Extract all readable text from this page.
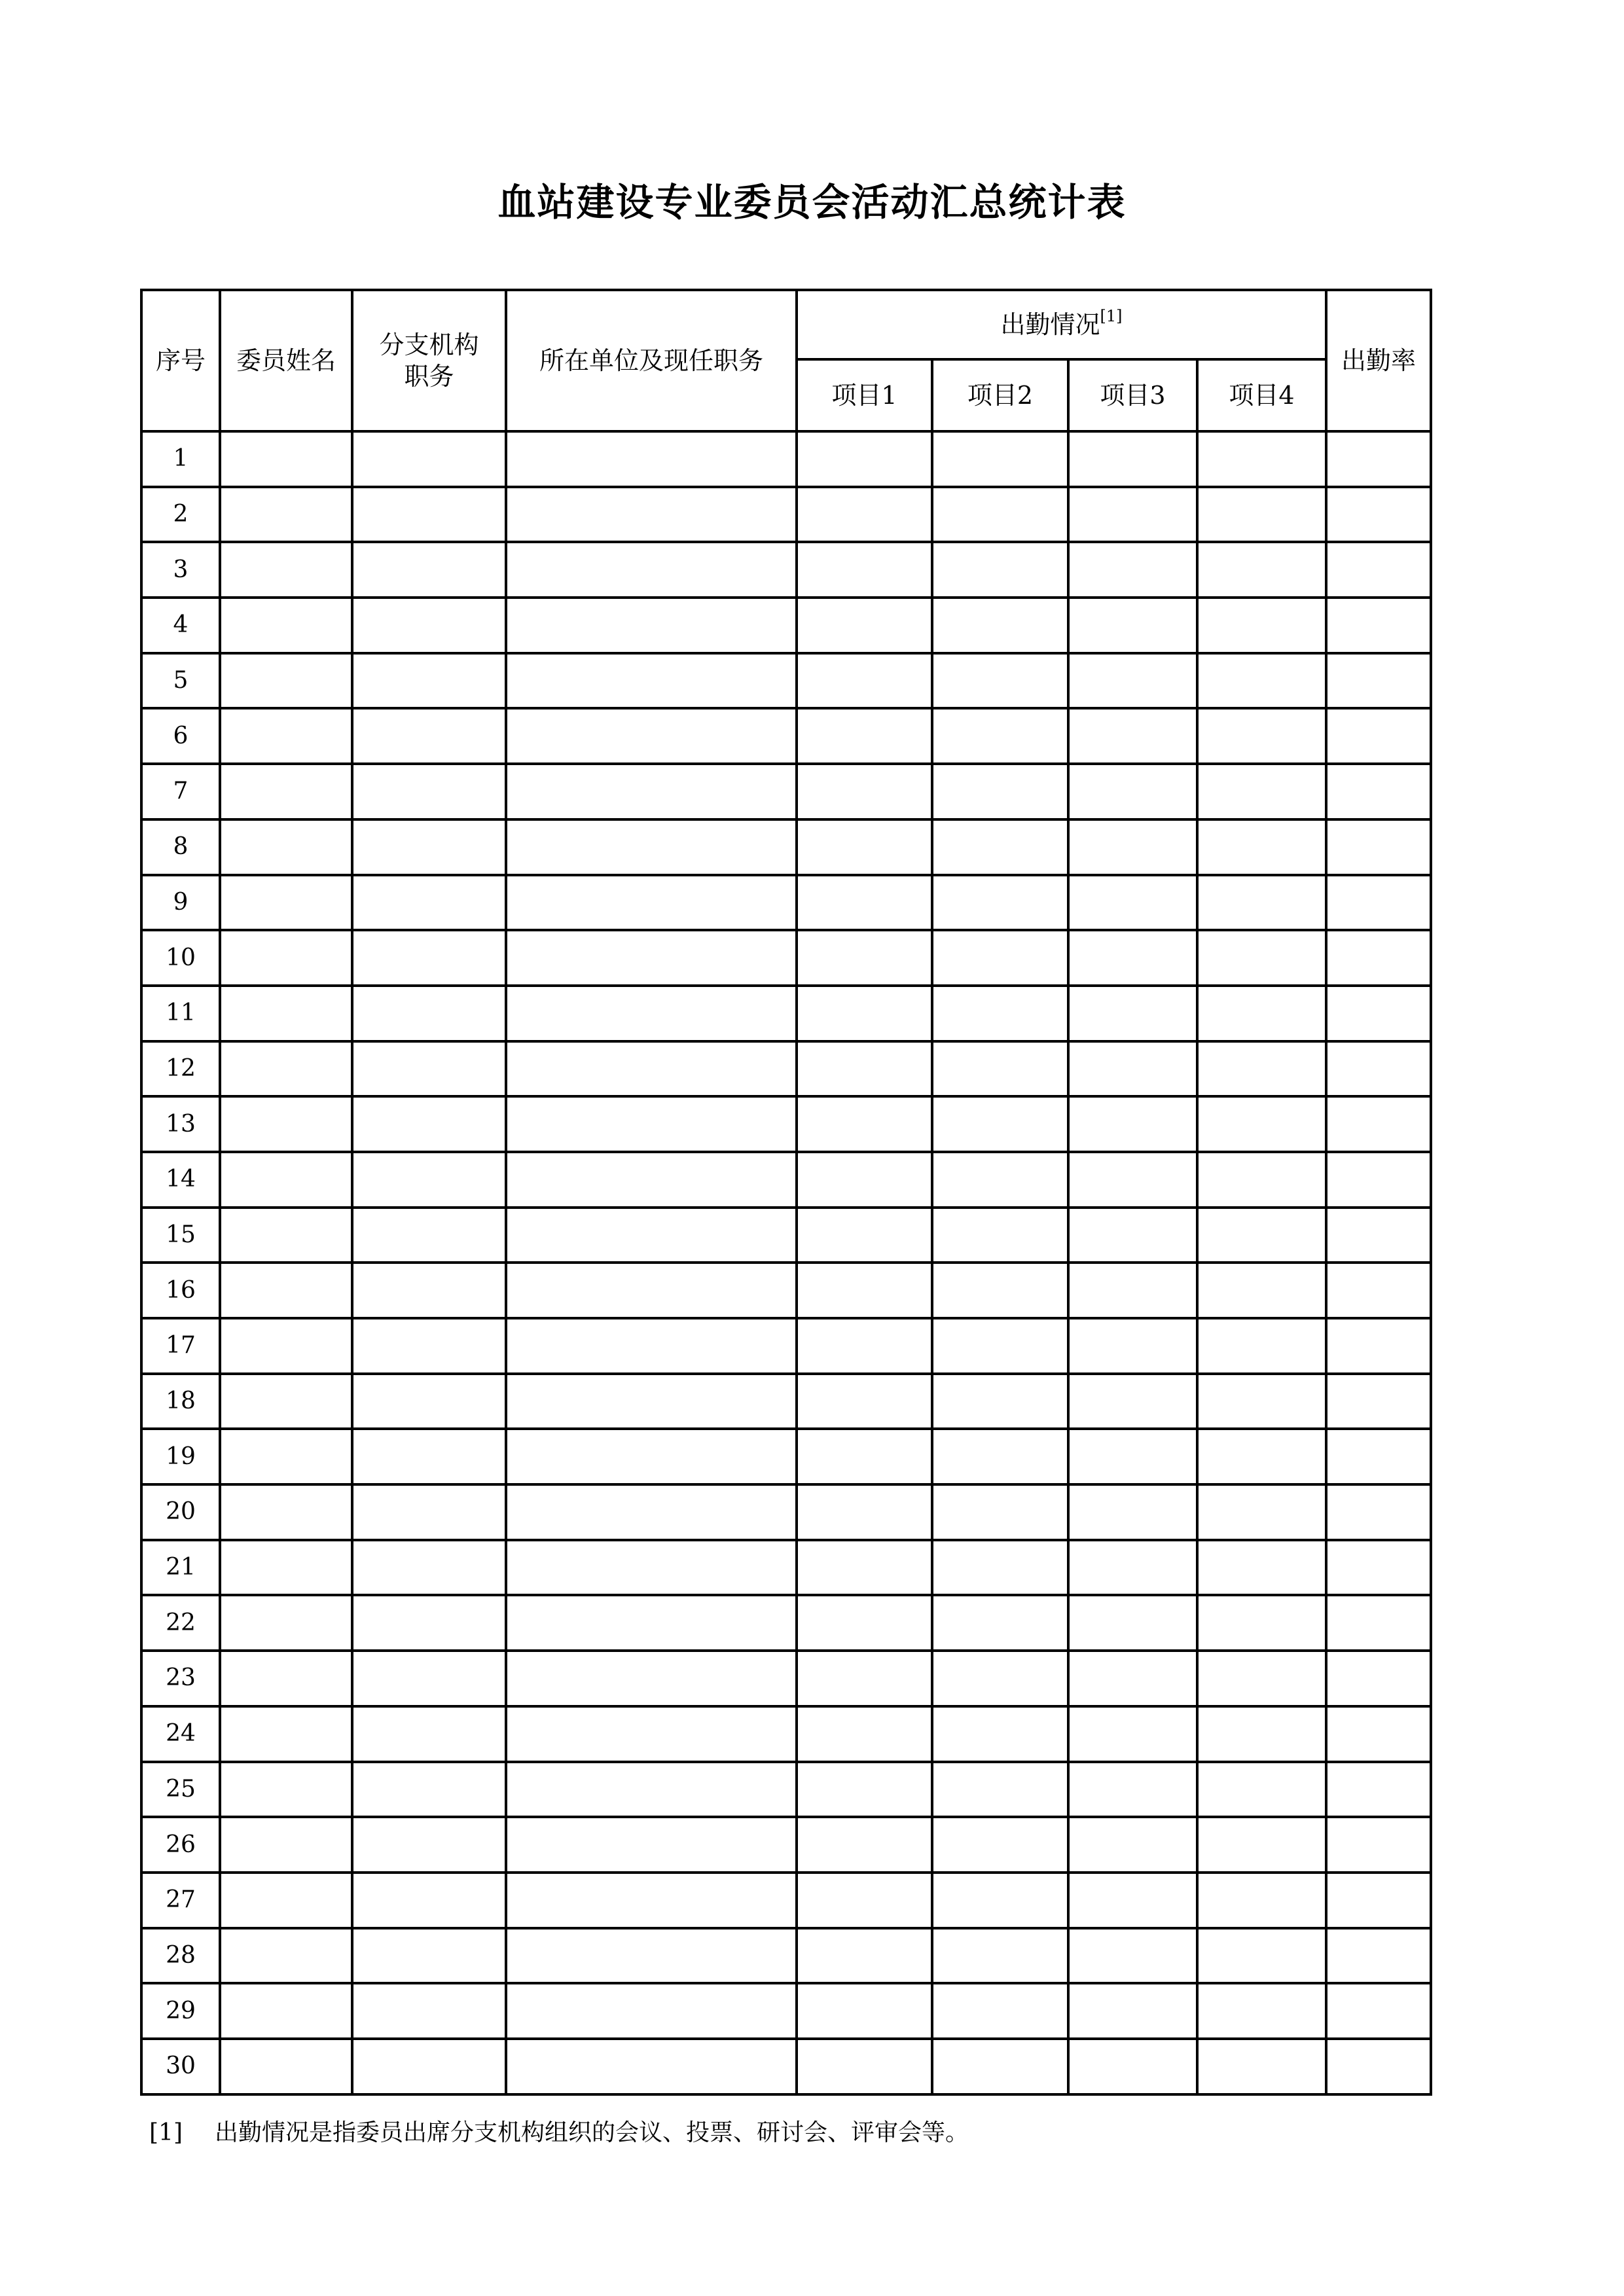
血站建设专业委员会活动汇总统计表
序号	委员姓名	分支机构职务	所在单位及现任职务	出勤情况[1]				出勤率
				项目1	项目2	项目3	项目4	
1								
2								
3								
4								
5								
6								
7								
8								
9								
10								
11								
12								
13								
14								
15								
16								
17								
18								
19								
20								
21								
22								
23								
24								
25								
26								
27								
28								
29								
30								
[1] 出勤情况是指委员出席分支机构组织的会议、投票、研讨会、评审会等。
